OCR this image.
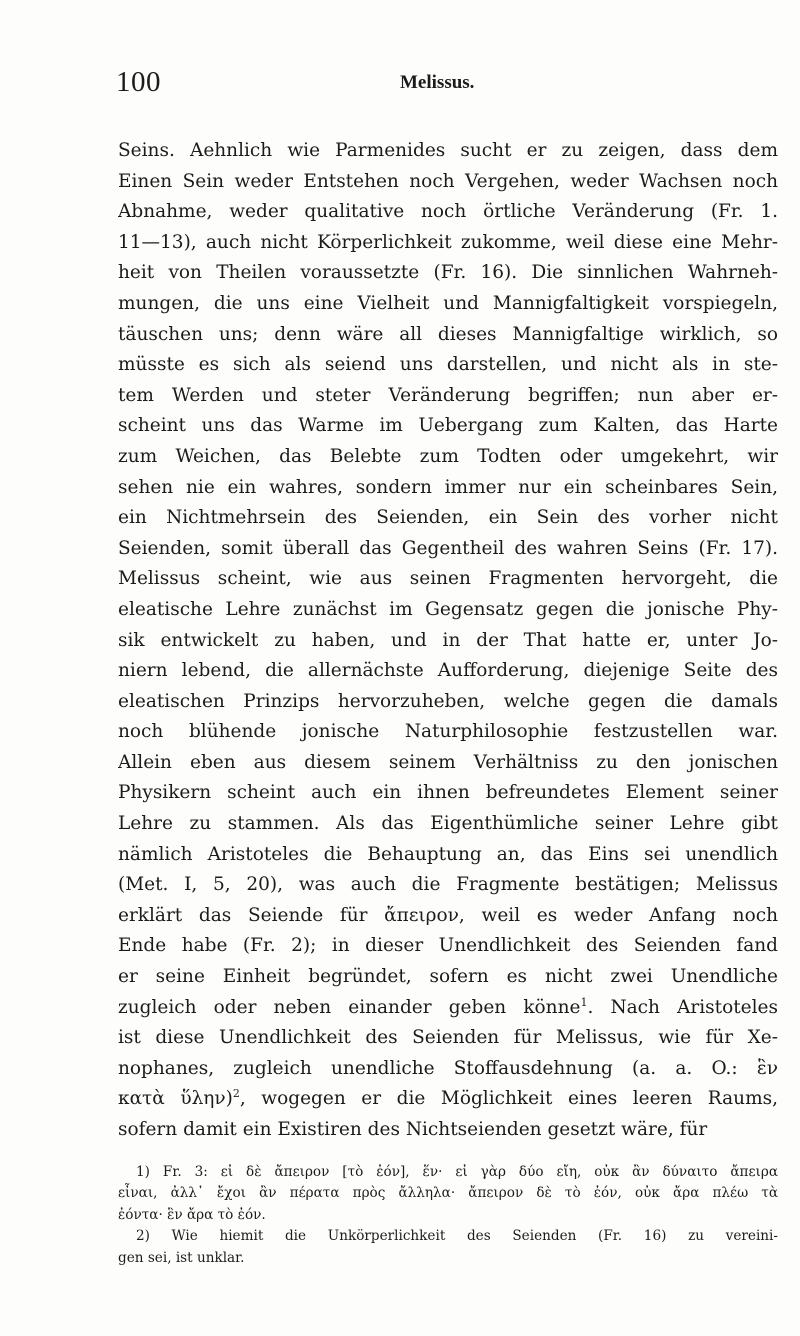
100	Melissus.
Seins. Aehnlich wie Parmenides sucht er zu zeigen, dass dem
Einen Sein weder Entstehen noch Vergehen, weder Wachsen noch
Abnahme, weder qualitative noch örtliche Veränderung (Fr. 1.
11—13), auch nicht Körperlichkeit zukomme, weil diese eine Mehr-
heit von Theilen voraussetzte (Fr. 16). Die sinnlichen Wahrneh-
mungen, die uns eine Vielheit und Mannigfaltigkeit vorspiegeln,
täuschen uns; denn wäre all dieses Mannigfaltige wirklich, so
müsste es sich als seiend uns darstellen, und nicht als in ste-
tem Werden und steter Veränderung begriffen; nun aber er-
scheint uns das Warme im Uebergang zum Kalten, das Harte
zum Weichen, das Belebte zum Todten oder umgekehrt, wir
sehen nie ein wahres, sondern immer nur ein scheinbares Sein,
ein Nichtmehrsein des Seienden, ein Sein des vorher nicht
Seienden, somit überall das Gegentheil des wahren Seins (Fr. 17).
Melissus scheint, wie aus seinen Fragmenten hervorgeht, die
eleatische Lehre zunächst im Gegensatz gegen die jonische Phy-
sik entwickelt zu haben, und in der That hatte er, unter Jo-
niern lebend, die allernächste Aufforderung, diejenige Seite des
eleatischen Prinzips hervorzuheben, welche gegen die damals
noch blühende jonische Naturphilosophie festzustellen war.
Allein eben aus diesem seinem Verhältniss zu den jonischen
Physikern scheint auch ein ihnen befreundetes Element seiner
Lehre zu stammen. Als das Eigenthümliche seiner Lehre gibt
nämlich Aristoteles die Behauptung an, das Eins sei unendlich
(Met. I, 5, 20), was auch die Fragmente bestätigen; Melissus
erklärt das Seiende für ἄπειρον, weil es weder Anfang noch
Ende habe (Fr. 2); in dieser Unendlichkeit des Seienden fand
er seine Einheit begründet, sofern es nicht zwei Unendliche
zugleich oder neben einander geben könne$^1$. Nach Aristoteles
ist diese Unendlichkeit des Seienden für Melissus, wie für Xe-
nophanes, zugleich unendliche Stoffausdehnung (a. a. O.: ἓν
κατὰ ὕλην)$^2$, wogegen er die Möglichkeit eines leeren Raums,
sofern damit ein Existiren des Nichtseienden gesetzt wäre, für
1) Fr. 3: εἰ δὲ ἄπειρον [τὸ ἐόν], ἕν· εἰ γὰρ δύο εἴη, οὐκ ἂν δύναιτο ἄπειρα
εἶναι, ἀλλ᾽ ἔχοι ἂν πέρατα πρὸς ἄλληλα· ἄπειρον δὲ τὸ ἐόν, οὐκ ἄρα πλέω τὰ
ἐόντα· ἓν ἄρα τὸ ἐόν.
2) Wie hiemit die Unkörperlichkeit des Seienden (Fr. 16) zu vereini-
gen sei, ist unklar.
